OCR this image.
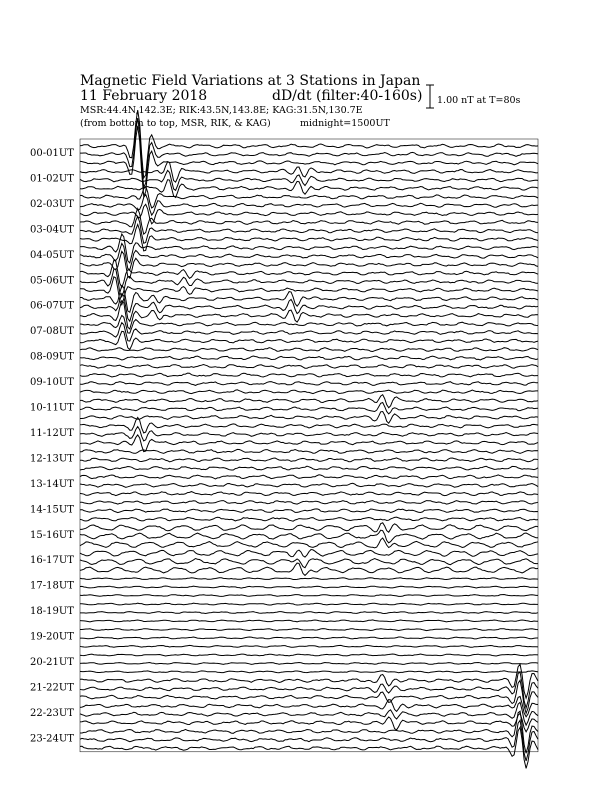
Magnetic Field Variations at 3 Stations in Japan
11 February 2018	dD/dt (filter:40-160s)
MSR:44.4N,142.3E; RIK:43.5N,143.8E; KAG:31.5N,130.7E
(from bottom to top, MSR, RIK, & KAG)	midnight=1500UT
1.00 nT at T=80s
00-01UT
01-02UT
02-03UT
03-04UT
04-05UT
05-06UT
06-07UT
07-08UT
08-09UT
09-10UT
10-11UT
11-12UT
12-13UT
13-14UT
14-15UT
15-16UT
16-17UT
17-18UT
18-19UT
19-20UT
20-21UT
21-22UT
22-23UT
23-24UT
